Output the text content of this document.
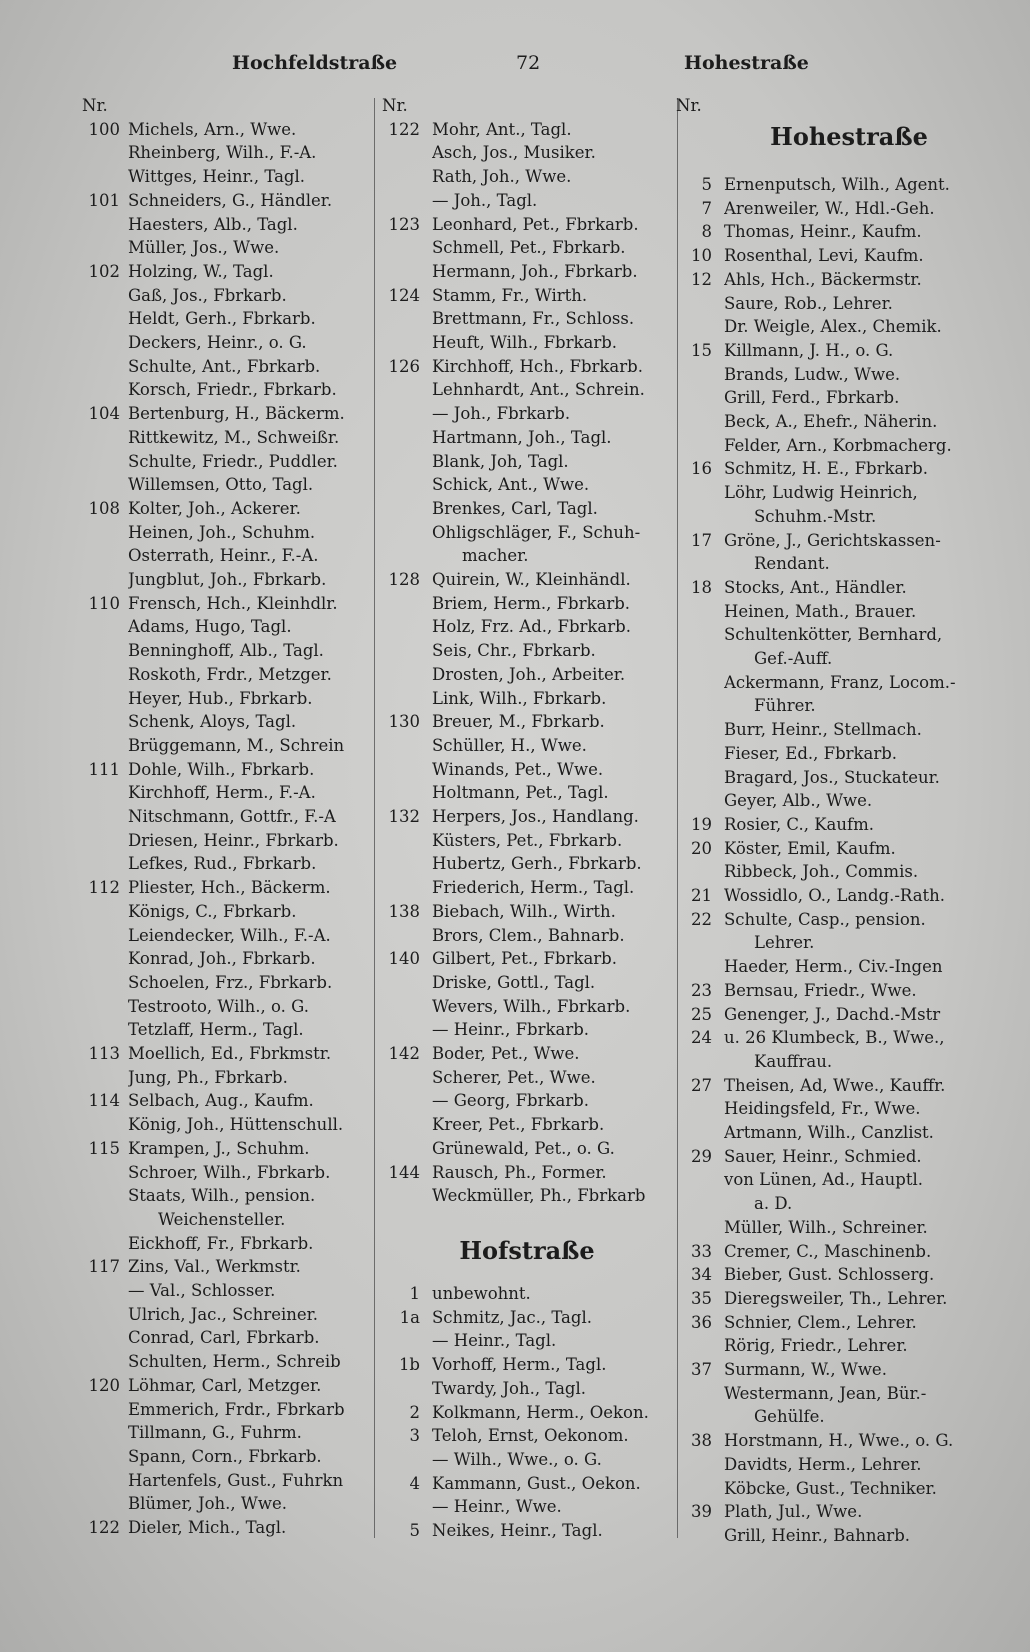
Hochfeldstraße	72	Hohestraße
Nr.
100 Michels, Arn., Wwe.
Rheinberg, Wilh., F.-A.
Wittges, Heinr., Tagl.
101 Schneiders, G., Händler.
Haesters, Alb., Tagl.
Müller, Jos., Wwe.
102 Holzing, W., Tagl.
Gaß, Jos., Fbrkarb.
Heldt, Gerh., Fbrkarb.
Deckers, Heinr., o. G.
Schulte, Ant., Fbrkarb.
Korsch, Friedr., Fbrkarb.
104 Bertenburg, H., Bäckerm.
Rittkewitz, M., Schweißr.
Schulte, Friedr., Puddler.
Willemsen, Otto, Tagl.
108 Kolter, Joh., Ackerer.
Heinen, Joh., Schuhm.
Osterrath, Heinr., F.-A.
Jungblut, Joh., Fbrkarb.
110 Frensch, Hch., Kleinhdlr.
Adams, Hugo, Tagl.
Benninghoff, Alb., Tagl.
Roskoth, Frdr., Metzger.
Heyer, Hub., Fbrkarb.
Schenk, Aloys, Tagl.
Brüggemann, M., Schrein
111 Dohle, Wilh., Fbrkarb.
Kirchhoff, Herm., F.-A.
Nitschmann, Gottfr., F.-A
Driesen, Heinr., Fbrkarb.
Lefkes, Rud., Fbrkarb.
112 Pliester, Hch., Bäckerm.
Königs, C., Fbrkarb.
Leiendecker, Wilh., F.-A.
Konrad, Joh., Fbrkarb.
Schoelen, Frz., Fbrkarb.
Testrooto, Wilh., o. G.
Tetzlaff, Herm., Tagl.
113 Moellich, Ed., Fbrkmstr.
Jung, Ph., Fbrkarb.
114 Selbach, Aug., Kaufm.
König, Joh., Hüttenschull.
115 Krampen, J., Schuhm.
Schroer, Wilh., Fbrkarb.
Staats, Wilh., pension.
Weichensteller.
Eickhoff, Fr., Fbrkarb.
117 Zins, Val., Werkmstr.
— Val., Schlosser.
Ulrich, Jac., Schreiner.
Conrad, Carl, Fbrkarb.
Schulten, Herm., Schreib
120 Löhmar, Carl, Metzger.
Emmerich, Frdr., Fbrkarb
Tillmann, G., Fuhrm.
Spann, Corn., Fbrkarb.
Hartenfels, Gust., Fuhrkn
Blümer, Joh., Wwe.
122 Dieler, Mich., Tagl.
Nr.
122 Mohr, Ant., Tagl.
Asch, Jos., Musiker.
Rath, Joh., Wwe.
— Joh., Tagl.
123 Leonhard, Pet., Fbrkarb.
Schmell, Pet., Fbrkarb.
Hermann, Joh., Fbrkarb.
124 Stamm, Fr., Wirth.
Brettmann, Fr., Schloss.
Heuft, Wilh., Fbrkarb.
126 Kirchhoff, Hch., Fbrkarb.
Lehnhardt, Ant., Schrein.
— Joh., Fbrkarb.
Hartmann, Joh., Tagl.
Blank, Joh, Tagl.
Schick, Ant., Wwe.
Brenkes, Carl, Tagl.
Ohligschläger, F., Schuh-
macher.
128 Quirein, W., Kleinhändl.
Briem, Herm., Fbrkarb.
Holz, Frz. Ad., Fbrkarb.
Seis, Chr., Fbrkarb.
Drosten, Joh., Arbeiter.
Link, Wilh., Fbrkarb.
130 Breuer, M., Fbrkarb.
Schüller, H., Wwe.
Winands, Pet., Wwe.
Holtmann, Pet., Tagl.
132 Herpers, Jos., Handlang.
Küsters, Pet., Fbrkarb.
Hubertz, Gerh., Fbrkarb.
Friederich, Herm., Tagl.
138 Biebach, Wilh., Wirth.
Brors, Clem., Bahnarb.
140 Gilbert, Pet., Fbrkarb.
Driske, Gottl., Tagl.
Wevers, Wilh., Fbrkarb.
— Heinr., Fbrkarb.
142 Boder, Pet., Wwe.
Scherer, Pet., Wwe.
— Georg, Fbrkarb.
Kreer, Pet., Fbrkarb.
Grünewald, Pet., o. G.
144 Rausch, Ph., Former.
Weckmüller, Ph., Fbrkarb
Hofstraße
1 unbewohnt.
1a Schmitz, Jac., Tagl.
— Heinr., Tagl.
1b Vorhoff, Herm., Tagl.
Twardy, Joh., Tagl.
2 Kolkmann, Herm., Oekon.
3 Teloh, Ernst, Oekonom.
— Wilh., Wwe., o. G.
4 Kammann, Gust., Oekon.
— Heinr., Wwe.
5 Neikes, Heinr., Tagl.
Nr.
Hohestraße
5 Ernenputsch, Wilh., Agent.
7 Arenweiler, W., Hdl.-Geh.
8 Thomas, Heinr., Kaufm.
10 Rosenthal, Levi, Kaufm.
12 Ahls, Hch., Bäckermstr.
Saure, Rob., Lehrer.
Dr. Weigle, Alex., Chemik.
15 Killmann, J. H., o. G.
Brands, Ludw., Wwe.
Grill, Ferd., Fbrkarb.
Beck, A., Ehefr., Näherin.
Felder, Arn., Korbmacherg.
16 Schmitz, H. E., Fbrkarb.
Löhr, Ludwig Heinrich,
Schuhm.-Mstr.
17 Gröne, J., Gerichtskassen-
Rendant.
18 Stocks, Ant., Händler.
Heinen, Math., Brauer.
Schultenkötter, Bernhard,
Gef.-Auff.
Ackermann, Franz, Locom.-
Führer.
Burr, Heinr., Stellmach.
Fieser, Ed., Fbrkarb.
Bragard, Jos., Stuckateur.
Geyer, Alb., Wwe.
19 Rosier, C., Kaufm.
20 Köster, Emil, Kaufm.
Ribbeck, Joh., Commis.
21 Wossidlo, O., Landg.-Rath.
22 Schulte, Casp., pension.
Lehrer.
Haeder, Herm., Civ.-Ingen
23 Bernsau, Friedr., Wwe.
25 Genenger, J., Dachd.-Mstr
24 u. 26 Klumbeck, B., Wwe.,
Kauffrau.
27 Theisen, Ad, Wwe., Kauffr.
Heidingsfeld, Fr., Wwe.
Artmann, Wilh., Canzlist.
29 Sauer, Heinr., Schmied.
von Lünen, Ad., Hauptl.
a. D.
Müller, Wilh., Schreiner.
33 Cremer, C., Maschinenb.
34 Bieber, Gust. Schlosserg.
35 Dieregsweiler, Th., Lehrer.
36 Schnier, Clem., Lehrer.
Rörig, Friedr., Lehrer.
37 Surmann, W., Wwe.
Westermann, Jean, Bür.-
Gehülfe.
38 Horstmann, H., Wwe., o. G.
Davidts, Herm., Lehrer.
Köbcke, Gust., Techniker.
39 Plath, Jul., Wwe.
Grill, Heinr., Bahnarb.
